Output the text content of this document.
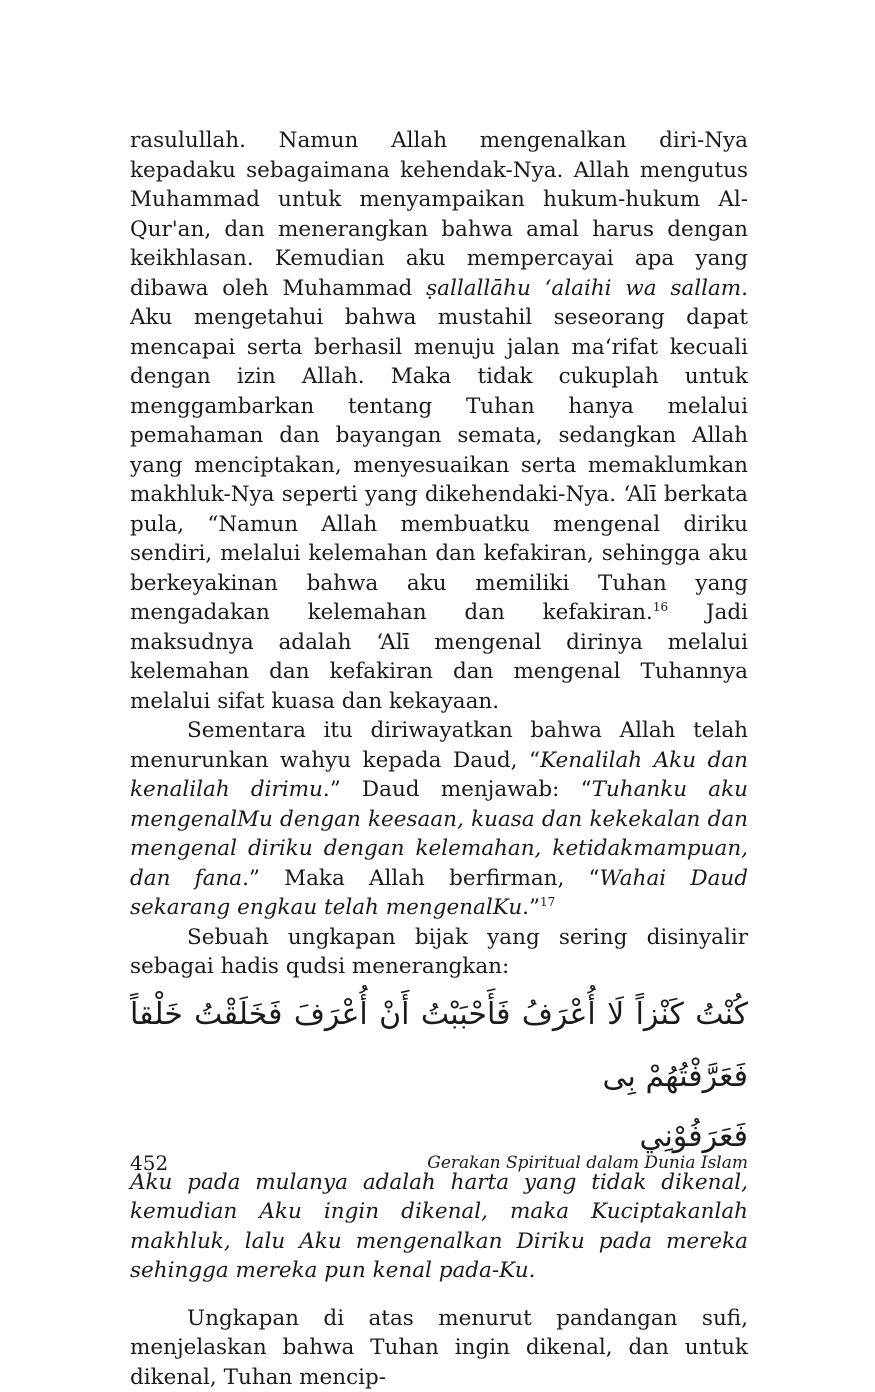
rasulullah. Namun Allah mengenalkan diri-Nya kepadaku sebagaimana kehendak-Nya. Allah mengutus Muhammad untuk menyampaikan hukum-hukum Al-Qur'an, dan menerangkan bahwa amal harus dengan keikhlasan. Kemudian aku mempercayai apa yang dibawa oleh Muhammad ṣallallāhu ‘alaihi wa sallam. Aku mengetahui bahwa mustahil seseorang dapat mencapai serta berhasil menuju jalan ma‘rifat kecuali dengan izin Allah. Maka tidak cukuplah untuk menggambarkan tentang Tuhan hanya melalui pemahaman dan bayangan semata, sedangkan Allah yang menciptakan, menyesuaikan serta memaklumkan makhluk-Nya seperti yang dikehendaki-Nya. ‘Alī berkata pula, “Namun Allah membuatku mengenal diriku sendiri, melalui kelemahan dan kefakiran, sehingga aku berkeyakinan bahwa aku memiliki Tuhan yang mengadakan kelemahan dan kefakiran.$^{16}$ Jadi maksudnya adalah ‘Alī mengenal dirinya melalui kelemahan dan kefakiran dan mengenal Tuhannya melalui sifat kuasa dan kekayaan.

Sementara itu diriwayatkan bahwa Allah telah menurunkan wahyu kepada Daud, “Kenalilah Aku dan kenalilah dirimu.” Daud menjawab: “Tuhanku aku mengenalMu dengan keesaan, kuasa dan kekekalan dan mengenal diriku dengan kelemahan, ketidakmampuan, dan fana.” Maka Allah berfirman, “Wahai Daud sekarang engkau telah mengenalKu.”$^{17}$

Sebuah ungkapan bijak yang sering disinyalir sebagai hadis qudsi menerangkan:

كُنْتُ كَنْزاً لَا أُعْرَفُ فَأَحْبَبْتُ أَنْ أُعْرَفَ فَخَلَقْتُ خَلْقاً فَعَرَّفْتُهُمْ بِى

فَعَرَفُوْنِي

Aku pada mulanya adalah harta yang tidak dikenal, kemudian Aku ingin dikenal, maka Kuciptakanlah makhluk, lalu Aku mengenalkan Diriku pada mereka sehingga mereka pun kenal pada-Ku.

Ungkapan di atas menurut pandangan sufi, menjelaskan bahwa Tuhan ingin dikenal, dan untuk dikenal, Tuhan mencip-

452	Gerakan Spiritual dalam Dunia Islam
